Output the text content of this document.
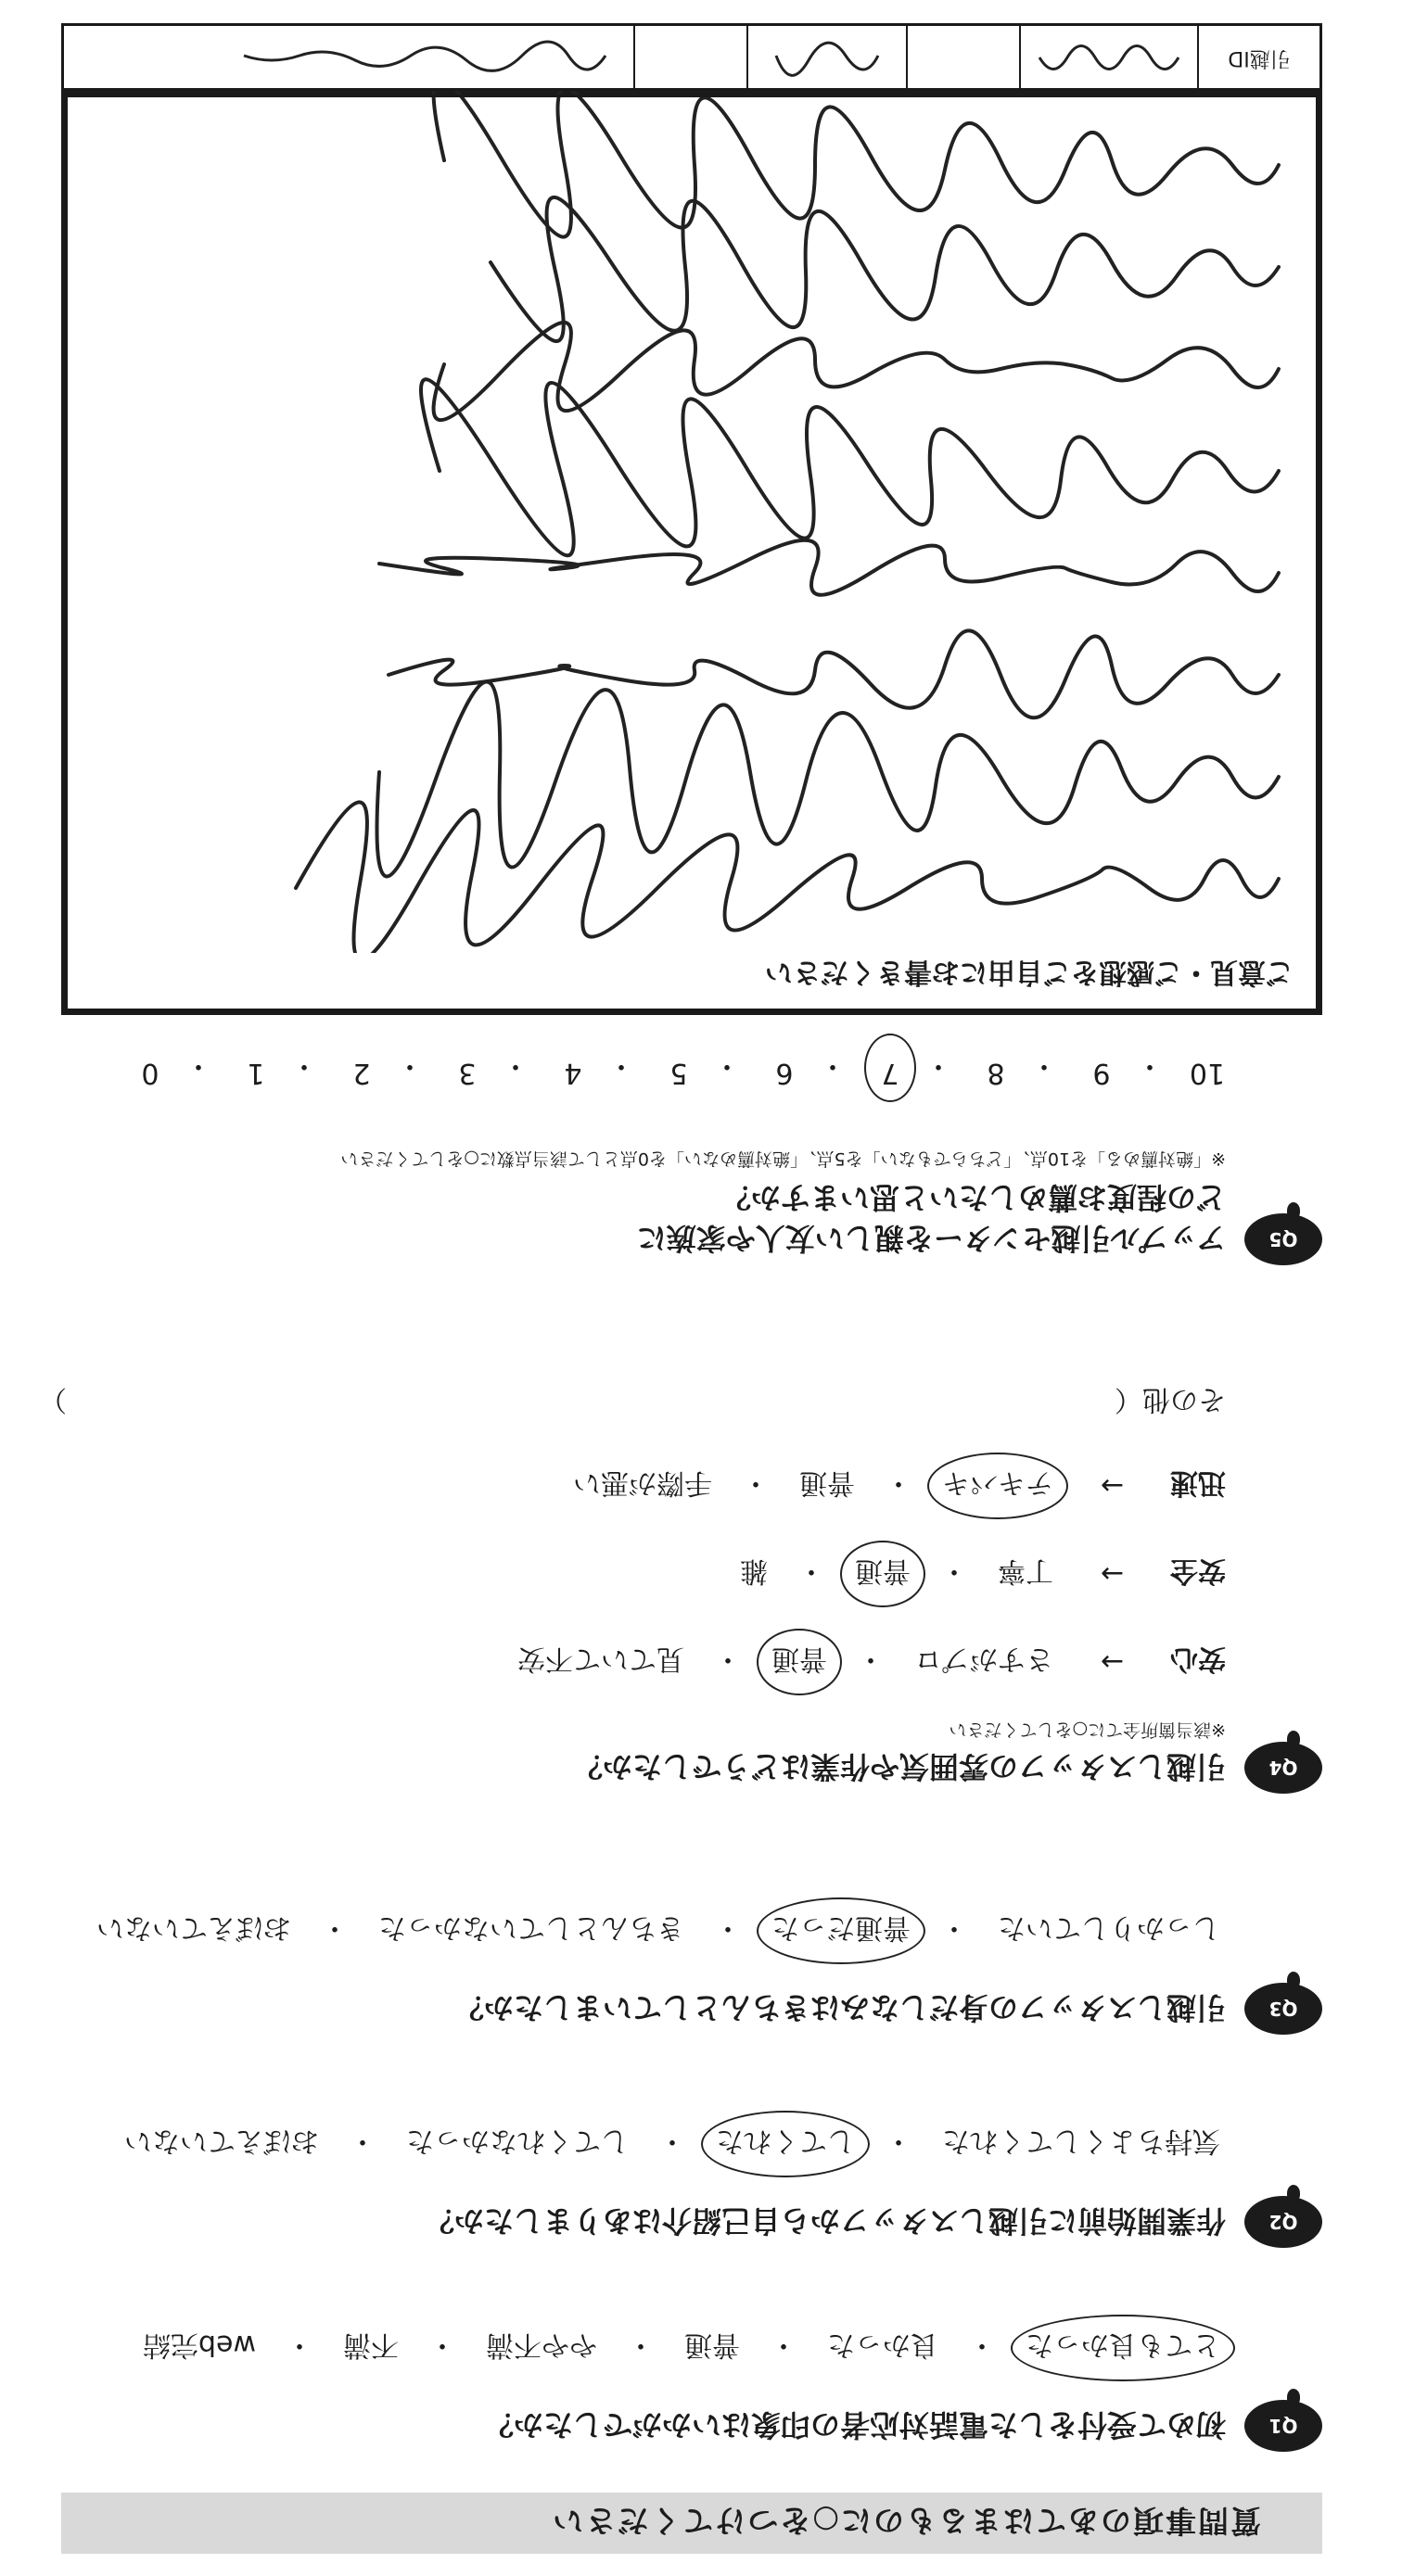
質問事項のあてはまるものに○をつけてください
Q1
初めて受付をした電話対応者の印象はいかがでしたか？
とても良かった
・
良かった
・
普通
・
やや不満
・
不満
・
web完結
Q2
作業開始前に引越しスタッフから自己紹介はありましたか？
気持ちよくしてくれた
・
してくれた
・
してくれなかった
・
おぼえていない
Q3
引越しスタッフの身だしなみはきちんとしていましたか？
しっかりしていた
・
普通だった
・
きちんとしていなかった
・
おぼえていない
Q4
引越しスタッフの雰囲気や作業はどうでしたか？
※該当箇所全てに○をしてください
安心
→
さすがプロ
・
普通
・
見ていて不安
安全
→
丁寧
・
普通
・
雑
迅速
→
テキパキ
・
普通
・
手際が悪い
その他（
）
Q5
アップル引越センターを親しい友人や家族に
どの程度お薦めしたいと思いますか？
※「絶対薦める」を10点、「どちらでもない」を5点、「絶対薦めない」を0点として該当点数に○をしてください
10
・
9
・
8
・
7
・
6
・
5
・
4
・
3
・
2
・
1
・
0
ご意見・ご感想をご自由にお書きください
引越ID
